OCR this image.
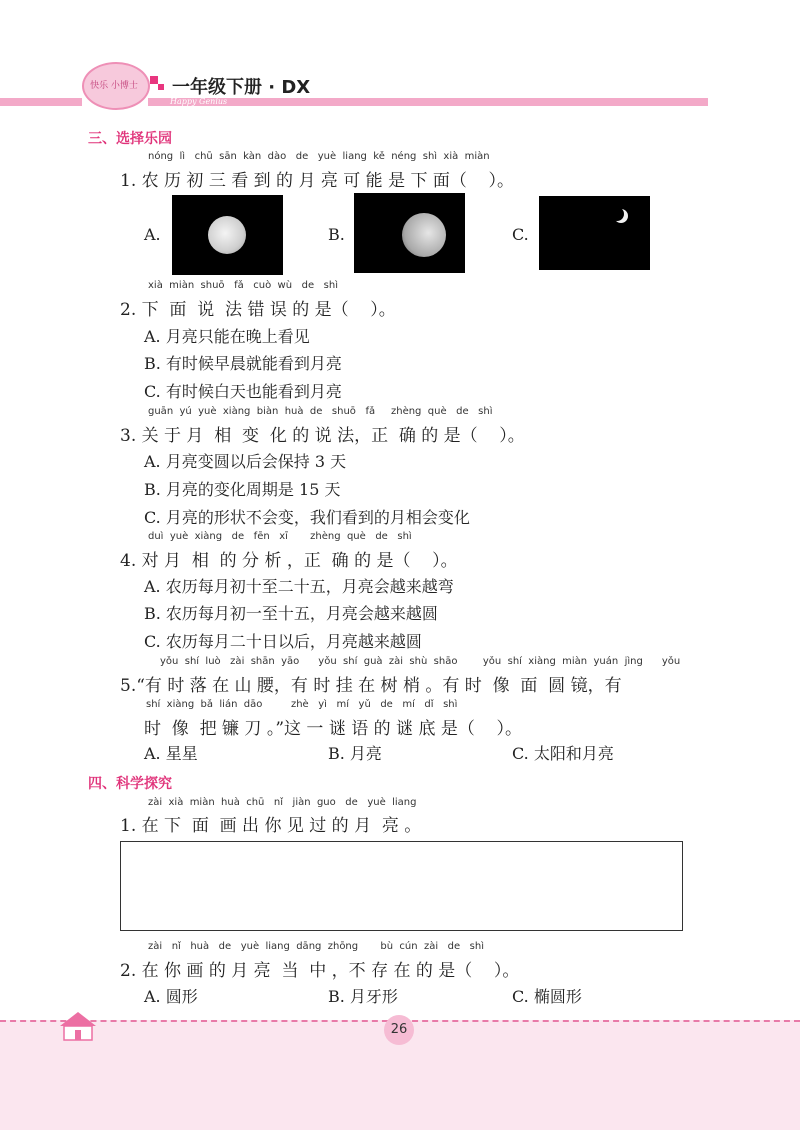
快乐 小博士	一年级下册 · DX
Happy Genius
三、选择乐园
nóng  lì   chū  sān  kàn  dào   de   yuè  liang  kě  néng  shì  xià  miàn
1. 农 历 初 三 看 到 的 月 亮 可 能 是 下 面（    ）。
A.	B.	C.
xià  miàn  shuō   fǎ   cuò  wù   de   shì
2. 下  面  说  法 错 误 的 是（    ）。
A. 月亮只能在晚上看见
B. 有时候早晨就能看到月亮
C. 有时候白天也能看到月亮
guān  yú  yuè  xiàng  biàn  huà  de   shuō   fǎ     zhèng  què   de   shì
3. 关 于 月  相  变  化 的 说 法，正  确 的 是（    ）。
A. 月亮变圆以后会保持 3 天
B. 月亮的变化周期是 15 天
C. 月亮的形状不会变，我们看到的月相会变化
duì  yuè  xiàng   de   fēn   xī       zhèng  què   de   shì
4. 对 月  相  的 分 析 ，正  确 的 是（    ）。
A. 农历每月初十至二十五，月亮会越来越弯
B. 农历每月初一至十五，月亮会越来越圆
C. 农历每月二十日以后，月亮越来越圆
yǒu  shí  luò   zài  shān  yāo      yǒu  shí  guà  zài  shù  shāo        yǒu  shí  xiàng  miàn  yuán  jìng      yǒu
5.“有 时 落 在 山 腰，有 时 挂 在 树 梢 。有 时  像  面  圆 镜，有
shí  xiàng  bǎ  lián  dāo         zhè   yì   mí   yǔ   de   mí   dǐ   shì
时  像  把 镰 刀 。”这 一 谜 语 的 谜 底 是（    ）。
A. 星星	B. 月亮	C. 太阳和月亮
四、科学探究
zài  xià  miàn  huà  chū   nǐ   jiàn  guo   de   yuè  liang
1. 在 下  面  画 出 你 见 过 的 月  亮 。
zài   nǐ   huà   de   yuè  liang  dāng  zhōng       bù  cún  zài   de   shì
2. 在 你 画 的 月 亮  当  中 ，不 存 在 的 是（    ）。
A. 圆形	B. 月牙形	C. 椭圆形
26
